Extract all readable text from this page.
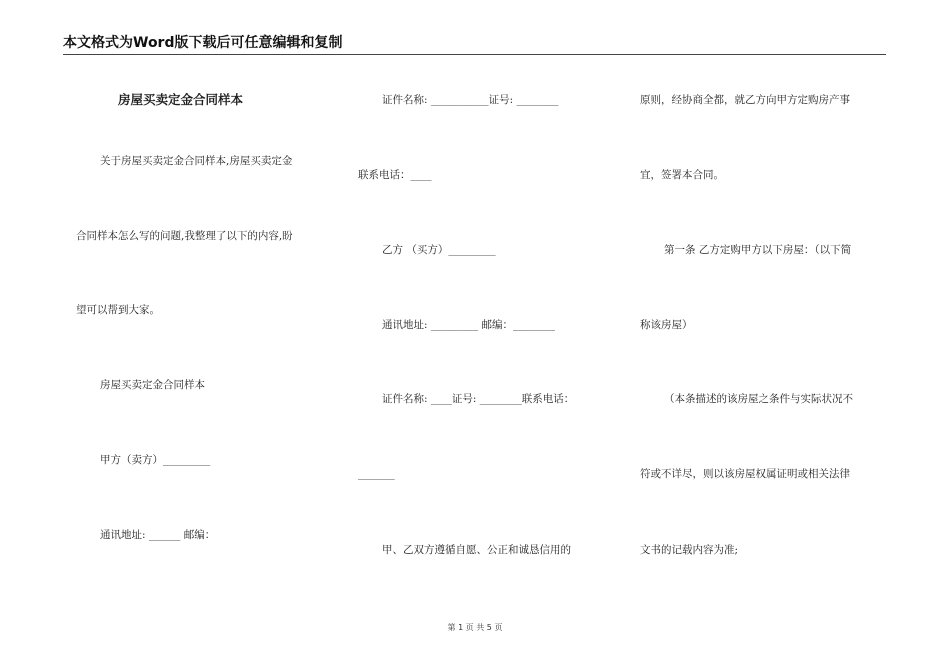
本文格式为Word版下载后可任意编辑和复制
房屋买卖定金合同样本
关于房屋买卖定金合同样本,房屋买卖定金
合同样本怎么写的问题,我整理了以下的内容,盼
望可以帮到大家。
房屋买卖定金合同样本
甲方（卖方）_________
通讯地址: ______ 邮编：
证件名称: ___________证号: ________
联系电话：____
乙方 （买方）_________
通讯地址: _________ 邮编：________
证件名称: ____证号: ________联系电话：
_______
甲、乙双方遵循自愿、公正和诚恳信用的
原则，经协商全都，就乙方向甲方定购房产事
宜，签署本合同。
第一条 乙方定购甲方以下房屋：（以下简
称该房屋）
（本条描述的该房屋之条件与实际状况不
符或不详尽，则以该房屋权属证明或相关法律
文书的记载内容为准;
第 1 页 共 5 页
